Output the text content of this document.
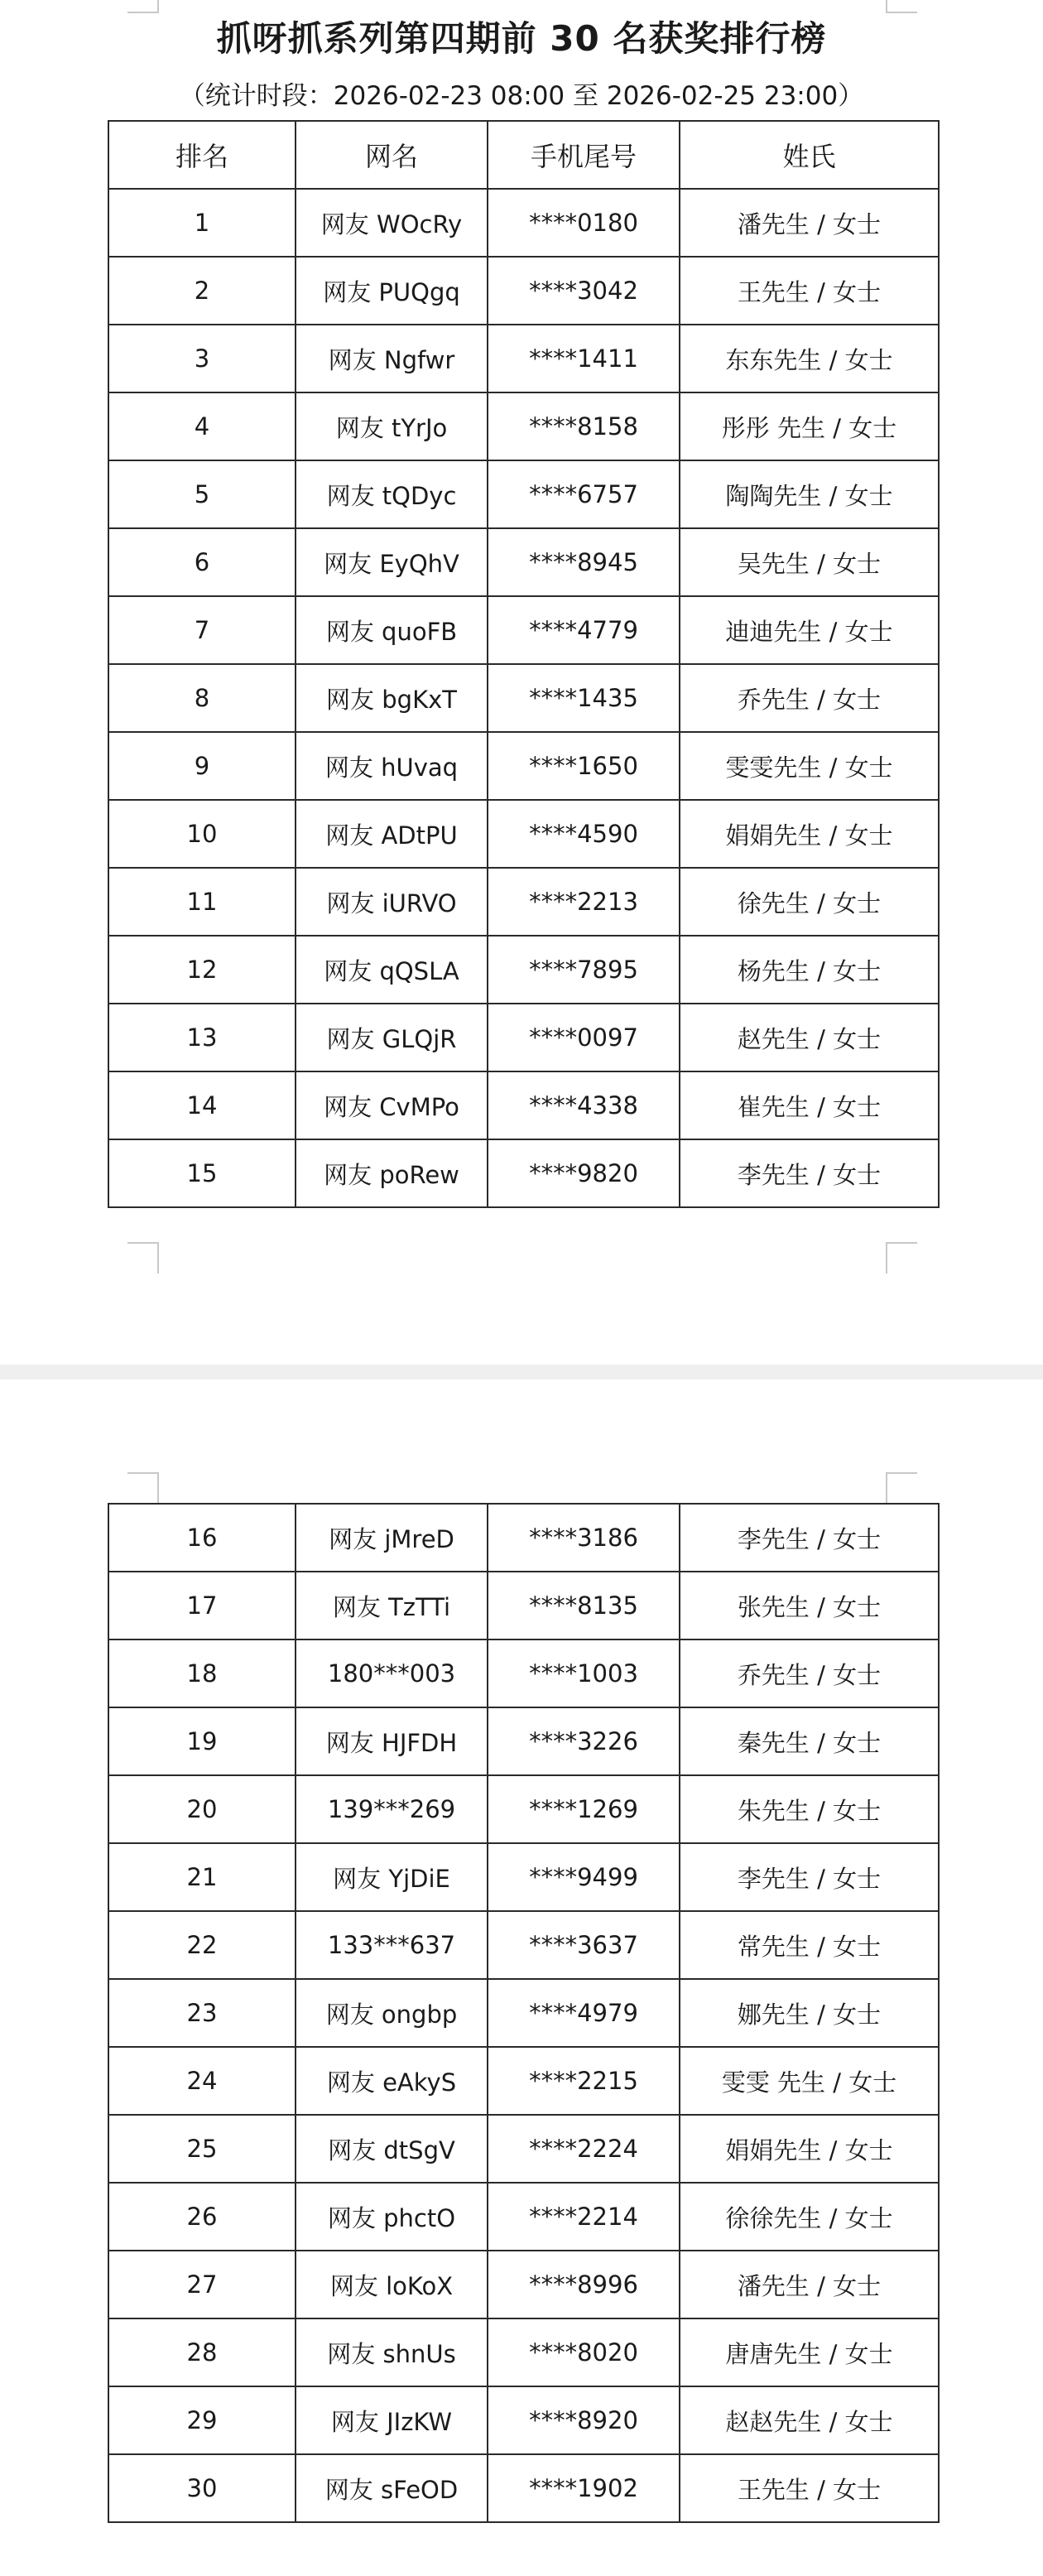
抓呀抓系列第四期前 30 名获奖排行榜
（统计时段：2026-02-23 08:00 至 2026-02-25 23:00）
排名	网名	手机尾号	姓氏
1	网友 WOcRy	****0180	潘先生 / 女士
2	网友 PUQgq	****3042	王先生 / 女士
3	网友 Ngfwr	****1411	东东先生 / 女士
4	网友 tYrJo	****8158	彤彤 先生 / 女士
5	网友 tQDyc	****6757	陶陶先生 / 女士
6	网友 EyQhV	****8945	吴先生 / 女士
7	网友 quoFB	****4779	迪迪先生 / 女士
8	网友 bgKxT	****1435	乔先生 / 女士
9	网友 hUvaq	****1650	雯雯先生 / 女士
10	网友 ADtPU	****4590	娟娟先生 / 女士
11	网友 iURVO	****2213	徐先生 / 女士
12	网友 qQSLA	****7895	杨先生 / 女士
13	网友 GLQjR	****0097	赵先生 / 女士
14	网友 CvMPo	****4338	崔先生 / 女士
15	网友 poRew	****9820	李先生 / 女士
16	网友 jMreD	****3186	李先生 / 女士
17	网友 TzTTi	****8135	张先生 / 女士
18	180***003	****1003	乔先生 / 女士
19	网友 HJFDH	****3226	秦先生 / 女士
20	139***269	****1269	朱先生 / 女士
21	网友 YjDiE	****9499	李先生 / 女士
22	133***637	****3637	常先生 / 女士
23	网友 ongbp	****4979	娜先生 / 女士
24	网友 eAkyS	****2215	雯雯 先生 / 女士
25	网友 dtSgV	****2224	娟娟先生 / 女士
26	网友 phctO	****2214	徐徐先生 / 女士
27	网友 loKoX	****8996	潘先生 / 女士
28	网友 shnUs	****8020	唐唐先生 / 女士
29	网友 JIzKW	****8920	赵赵先生 / 女士
30	网友 sFeOD	****1902	王先生 / 女士
